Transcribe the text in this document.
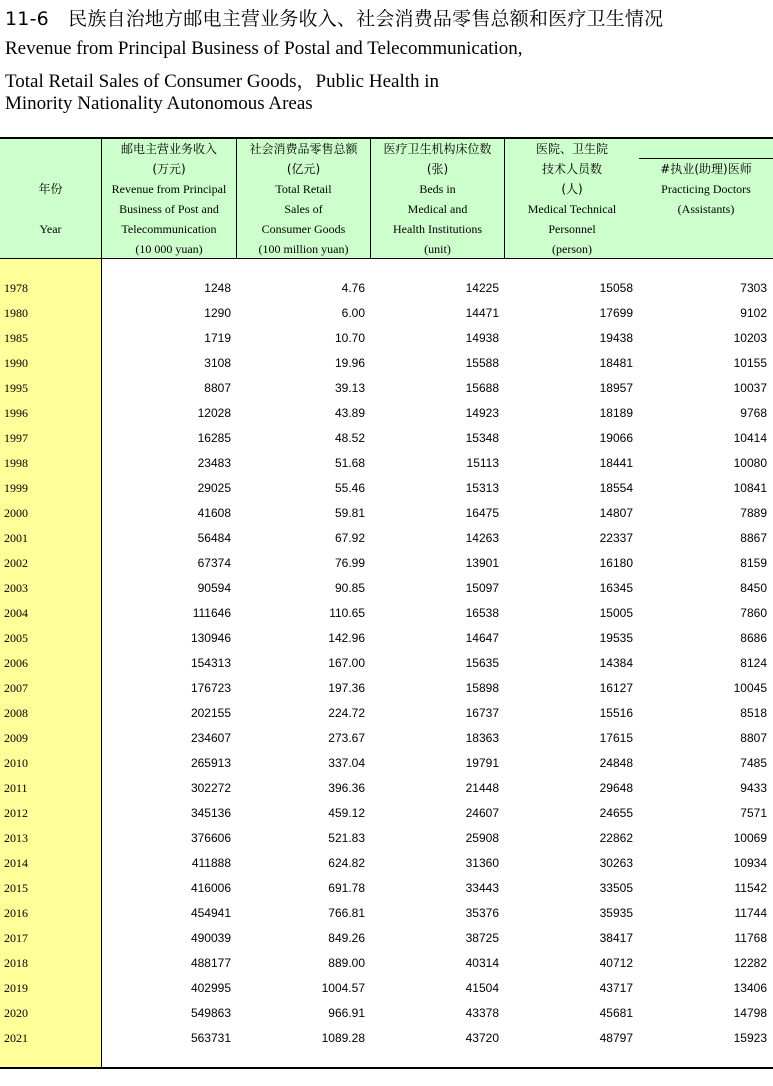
11-6　民族自治地方邮电主营业务收入、社会消费品零售总额和医疗卫生情况

Revenue from Principal Business of Postal and Telecommunication,

Total Retail Sales of Consumer Goods，Public Health in

Minority Nationality Autonomous Areas

年份
Year
邮电主营业务收入
(万元)
Revenue from Principal
Business of Post and
Telecommunication
(10 000 yuan)
社会消费品零售总额
(亿元)
Total Retail
Sales of
Consumer Goods
(100 million yuan)
医疗卫生机构床位数
(张)
Beds in
Medical and
Health Institutions
(unit)
医院、卫生院
技术人员数
(人)
Medical Technical
Personnel
(person)
#执业(助理)医师
Practicing Doctors
(Assistants)
1978	1248	4.76	14225	15058	7303
1980	1290	6.00	14471	17699	9102
1985	1719	10.70	14938	19438	10203
1990	3108	19.96	15588	18481	10155
1995	8807	39.13	15688	18957	10037
1996	12028	43.89	14923	18189	9768
1997	16285	48.52	15348	19066	10414
1998	23483	51.68	15113	18441	10080
1999	29025	55.46	15313	18554	10841
2000	41608	59.81	16475	14807	7889
2001	56484	67.92	14263	22337	8867
2002	67374	76.99	13901	16180	8159
2003	90594	90.85	15097	16345	8450
2004	111646	110.65	16538	15005	7860
2005	130946	142.96	14647	19535	8686
2006	154313	167.00	15635	14384	8124
2007	176723	197.36	15898	16127	10045
2008	202155	224.72	16737	15516	8518
2009	234607	273.67	18363	17615	8807
2010	265913	337.04	19791	24848	7485
2011	302272	396.36	21448	29648	9433
2012	345136	459.12	24607	24655	7571
2013	376606	521.83	25908	22862	10069
2014	411888	624.82	31360	30263	10934
2015	416006	691.78	33443	33505	11542
2016	454941	766.81	35376	35935	11744
2017	490039	849.26	38725	38417	11768
2018	488177	889.00	40314	40712	12282
2019	402995	1004.57	41504	43717	13406
2020	549863	966.91	43378	45681	14798
2021	563731	1089.28	43720	48797	15923
